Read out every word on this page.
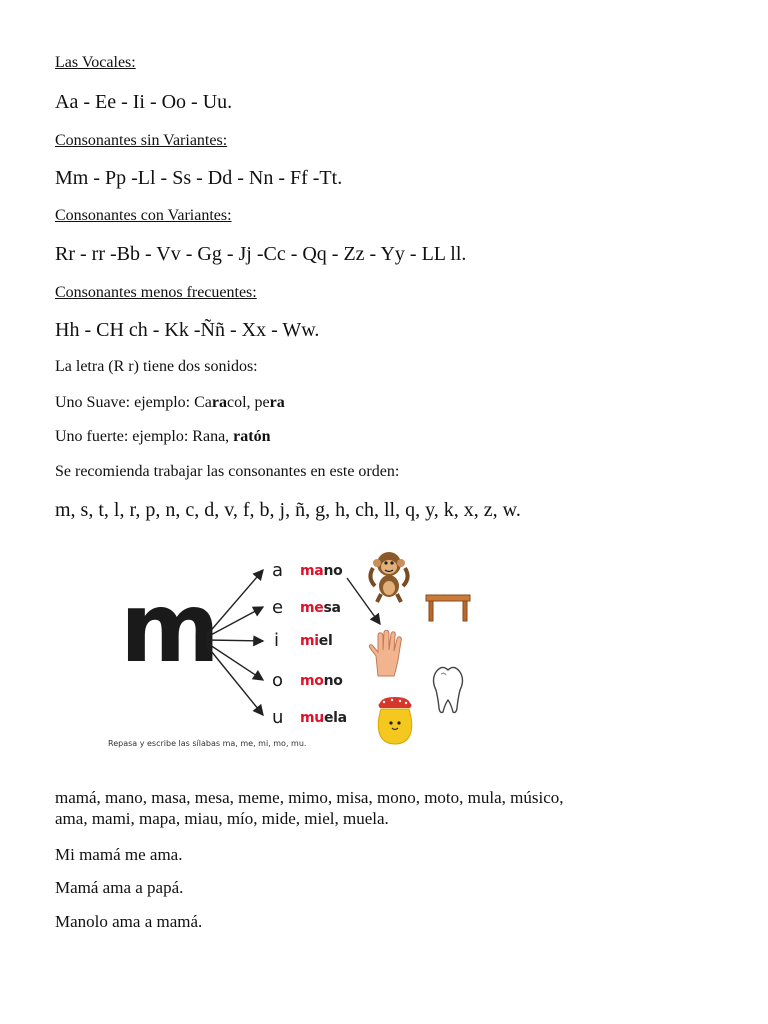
Las Vocales:
Aa - Ee - Ii - Oo - Uu.
Consonantes sin Variantes:
Mm - Pp -Ll - Ss - Dd - Nn - Ff -Tt.
Consonantes con Variantes:
Rr - rr -Bb - Vv - Gg - Jj -Cc - Qq - Zz - Yy - LL ll.
Consonantes menos frecuentes:
Hh - CH ch - Kk -Ññ - Xx - Ww.
La letra (R r) tiene dos sonidos:
Uno Suave: ejemplo: Caracol, pera
Uno fuerte: ejemplo: Rana, ratón
Se recomienda trabajar las consonantes en este orden:
m, s, t, l, r, p, n, c, d, v, f, b, j, ñ, g, h, ch, ll, q, y, k, x, z, w.
m
a
e
i
o
u
mano
mesa
miel
mono
muela
Repasa y escribe las sílabas ma, me, mi, mo, mu.
mamá, mano, masa, mesa, meme, mimo, misa, mono, moto, mula, músico,
ama, mami, mapa, miau, mío, mide, miel, muela.
Mi mamá me ama.
Mamá ama a papá.
Manolo ama a mamá.
